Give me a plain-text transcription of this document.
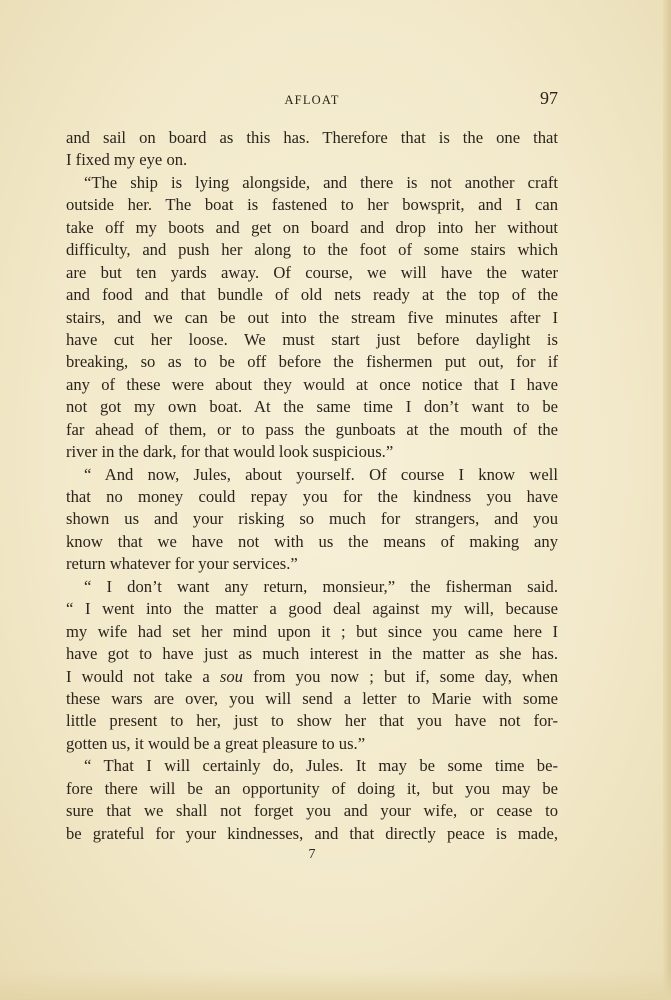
AFLOAT	97
and sail on board as this has. Therefore that is the one that
I fixed my eye on.
“The ship is lying alongside, and there is not another craft
outside her. The boat is fastened to her bowsprit, and I can
take off my boots and get on board and drop into her without
difficulty, and push her along to the foot of some stairs which
are but ten yards away. Of course, we will have the water
and food and that bundle of old nets ready at the top of the
stairs, and we can be out into the stream five minutes after I
have cut her loose. We must start just before daylight is
breaking, so as to be off before the fishermen put out, for if
any of these were about they would at once notice that I have
not got my own boat. At the same time I don’t want to be
far ahead of them, or to pass the gunboats at the mouth of the
river in the dark, for that would look suspicious.”
“ And now, Jules, about yourself. Of course I know well
that no money could repay you for the kindness you have
shown us and your risking so much for strangers, and you
know that we have not with us the means of making any
return whatever for your services.”
“ I don’t want any return, monsieur,” the fisherman said.
“ I went into the matter a good deal against my will, because
my wife had set her mind upon it ; but since you came here I
have got to have just as much interest in the matter as she has.
I would not take a sou from you now ; but if, some day, when
these wars are over, you will send a letter to Marie with some
little present to her, just to show her that you have not for-
gotten us, it would be a great pleasure to us.”
“ That I will certainly do, Jules. It may be some time be-
fore there will be an opportunity of doing it, but you may be
sure that we shall not forget you and your wife, or cease to
be grateful for your kindnesses, and that directly peace is made,
7
